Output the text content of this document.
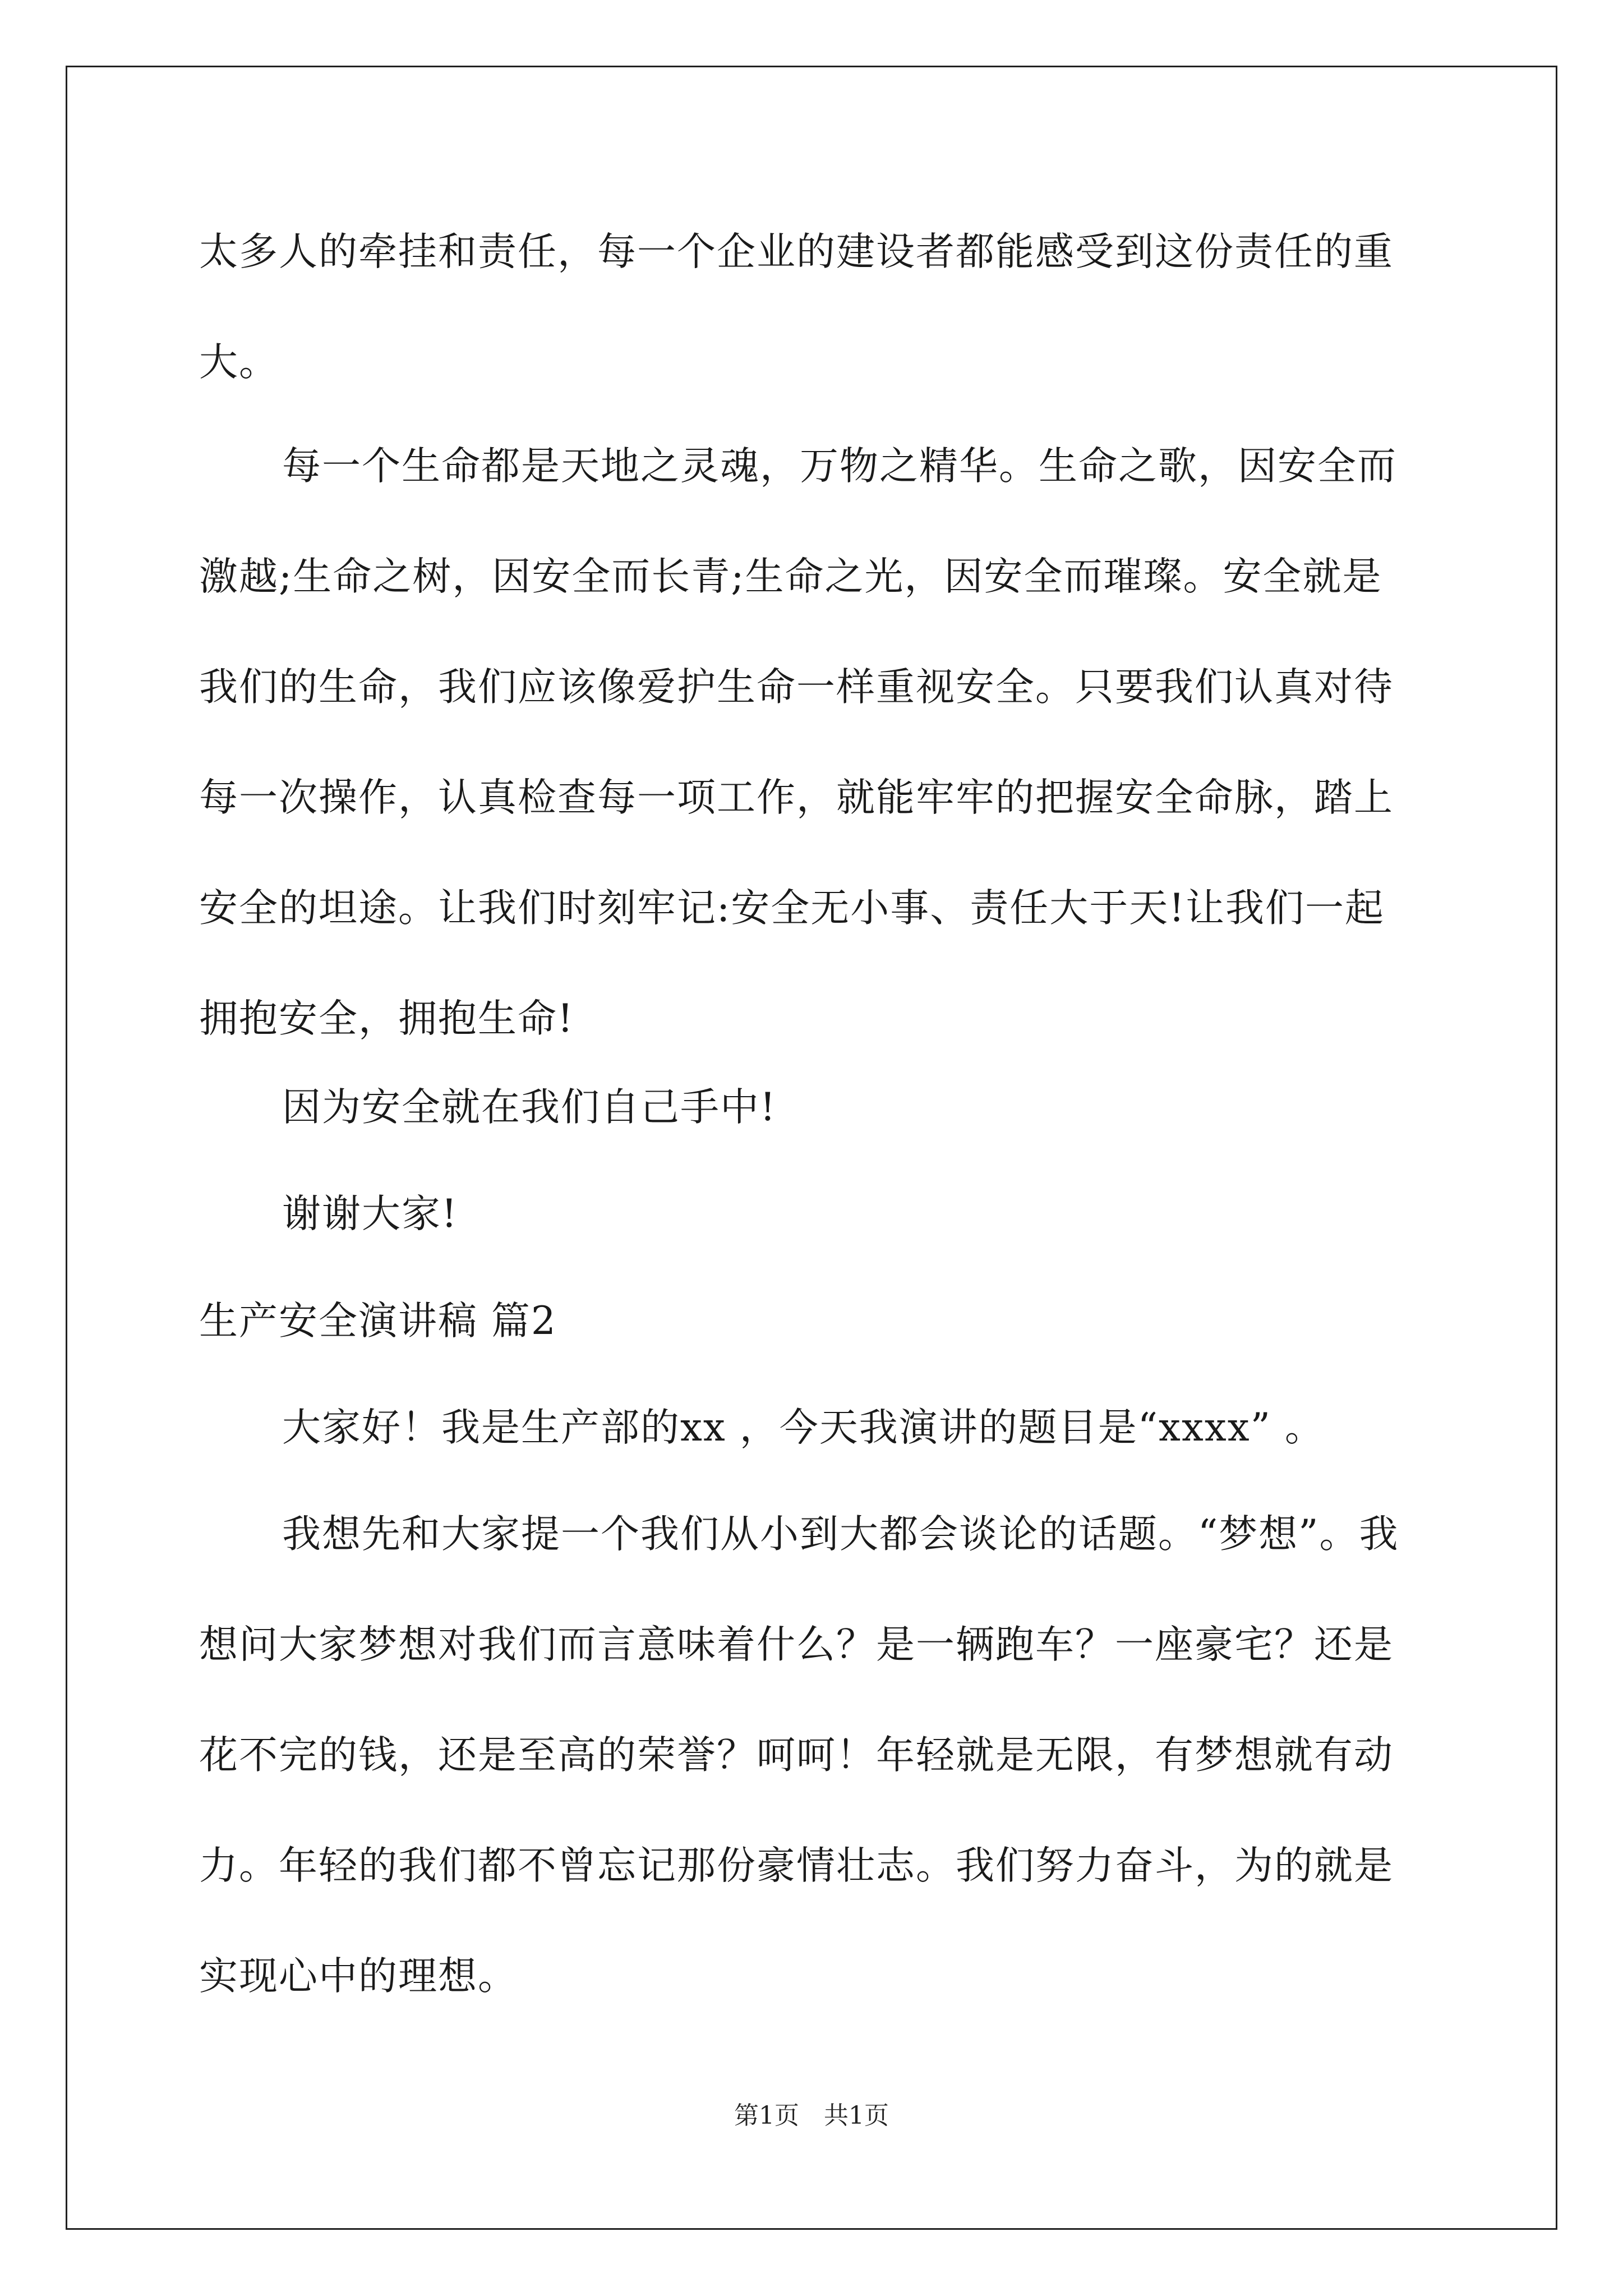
太多人的牵挂和责任，每一个企业的建设者都能感受到这份责任的重
大。
每一个生命都是天地之灵魂，万物之精华。生命之歌，因安全而
激越;生命之树，因安全而长青;生命之光，因安全而璀璨。安全就是
我们的生命，我们应该像爱护生命一样重视安全。只要我们认真对待
每一次操作，认真检查每一项工作，就能牢牢的把握安全命脉，踏上
安全的坦途。让我们时刻牢记:安全无小事、责任大于天!让我们一起
拥抱安全，拥抱生命!
因为安全就在我们自己手中!
谢谢大家!
生产安全演讲稿 篇2
大家好！我是生产部的xx ，今天我演讲的题目是“xxxx” 。
我想先和大家提一个我们从小到大都会谈论的话题。“梦想”。我
想问大家梦想对我们而言意味着什么？是一辆跑车？一座豪宅？还是
花不完的钱，还是至高的荣誉？呵呵！年轻就是无限，有梦想就有动
力。年轻的我们都不曾忘记那份豪情壮志。我们努力奋斗，为的就是
实现心中的理想。
第1页　共1页
